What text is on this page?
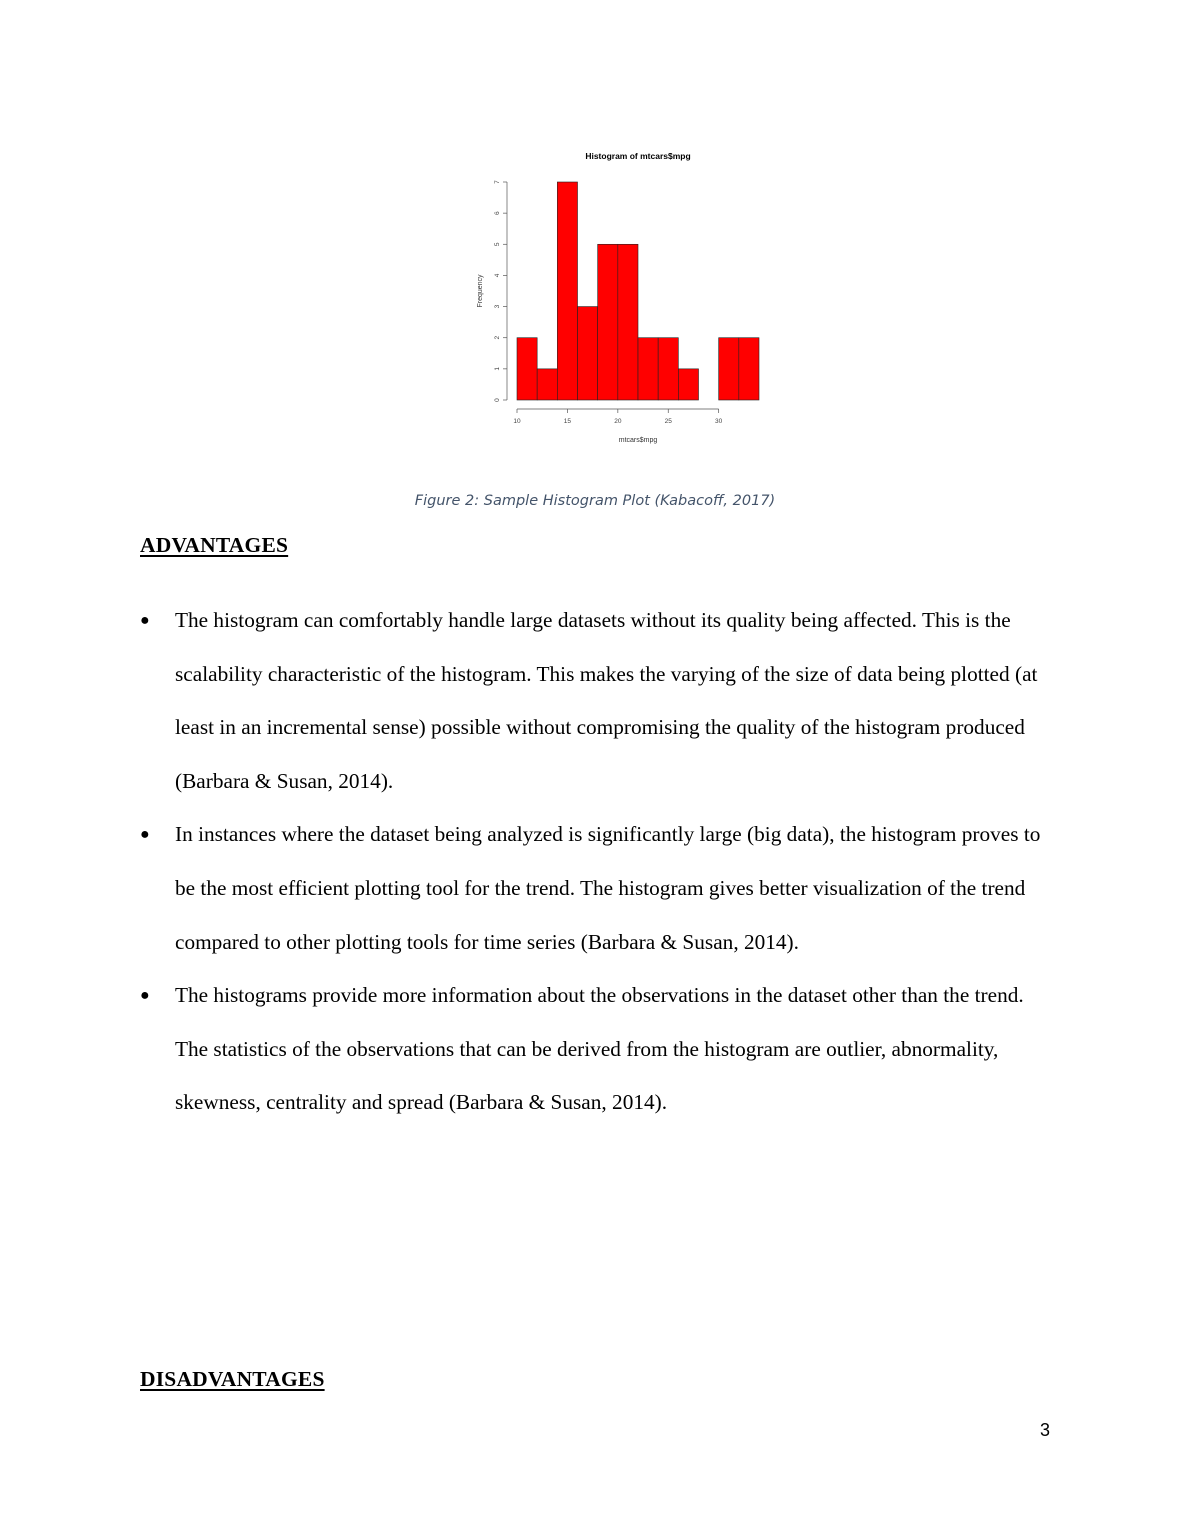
Histogram of mtcars$mpg
Frequency
mtcars$mpg
0
1
2
3
4
5
6
7
10	15	20	25	30
Figure 2: Sample Histogram Plot (Kabacoff, 2017)
ADVANTAGES
● The histogram can comfortably handle large datasets without its quality being affected. This is the scalability characteristic of the histogram. This makes the varying of the size of data being plotted (at least in an incremental sense) possible without compromising the quality of the histogram produced (Barbara & Susan, 2014).
● In instances where the dataset being analyzed is significantly large (big data), the histogram proves to be the most efficient plotting tool for the trend. The histogram gives better visualization of the trend compared to other plotting tools for time series (Barbara & Susan, 2014).
● The histograms provide more information about the observations in the dataset other than the trend. The statistics of the observations that can be derived from the histogram are outlier, abnormality, skewness, centrality and spread (Barbara & Susan, 2014).
DISADVANTAGES
3
